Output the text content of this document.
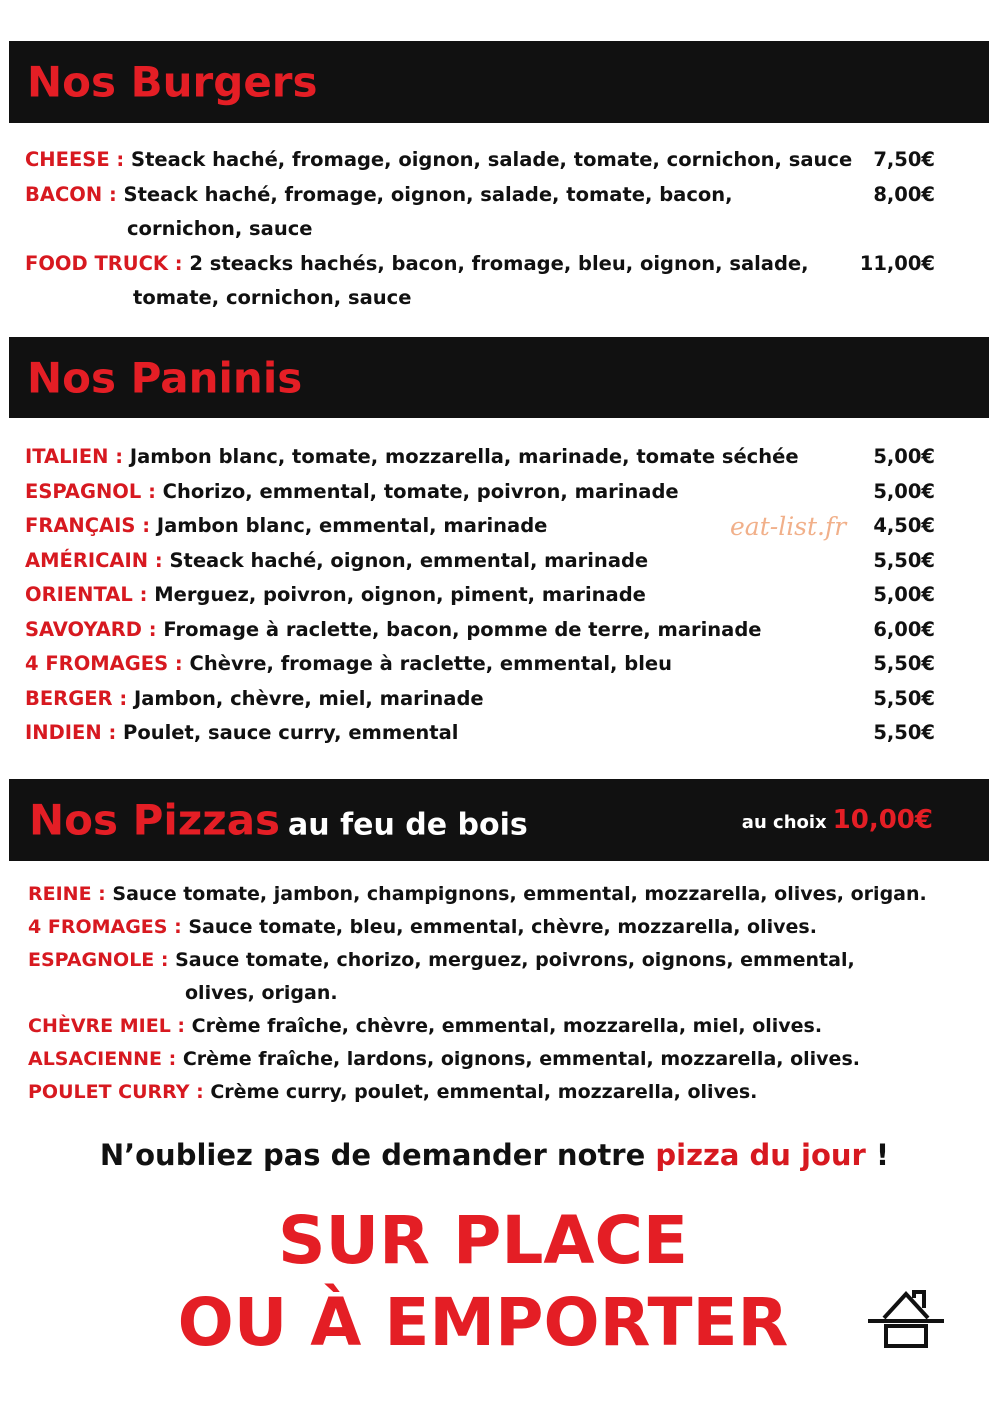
Nos Burgers
CHEESE : Steack haché, fromage, oignon, salade, tomate, cornichon, sauce 7,50€
BACON : Steack haché, fromage, oignon, salade, tomate, bacon,	8,00€
cornichon, sauce
FOOD TRUCK : 2 steacks hachés, bacon, fromage, bleu, oignon, salade,	11,00€
tomate, cornichon, sauce
Nos Paninis
ITALIEN : Jambon blanc, tomate, mozzarella, marinade, tomate séchée	5,00€
ESPAGNOL : Chorizo, emmental, tomate, poivron, marinade	5,00€
FRANÇAIS : Jambon blanc, emmental, marinade	4,50€
AMÉRICAIN : Steack haché, oignon, emmental, marinade	5,50€
ORIENTAL : Merguez, poivron, oignon, piment, marinade	5,00€
SAVOYARD : Fromage à raclette, bacon, pomme de terre, marinade	6,00€
4 FROMAGES : Chèvre, fromage à raclette, emmental, bleu	5,50€
BERGER : Jambon, chèvre, miel, marinade	5,50€
INDIEN : Poulet, sauce curry, emmental	5,50€
eat-list.fr
Nos Pizzas au feu de bois	au choix 10,00€
REINE : Sauce tomate, jambon, champignons, emmental, mozzarella, olives, origan.
4 FROMAGES : Sauce tomate, bleu, emmental, chèvre, mozzarella, olives.
ESPAGNOLE : Sauce tomate, chorizo, merguez, poivrons, oignons, emmental,
olives, origan.
CHÈVRE MIEL : Crème fraîche, chèvre, emmental, mozzarella, miel, olives.
ALSACIENNE : Crème fraîche, lardons, oignons, emmental, mozzarella, olives.
POULET CURRY : Crème curry, poulet, emmental, mozzarella, olives.
N’oubliez pas de demander notre pizza du jour !
SUR PLACE
OU À EMPORTER
